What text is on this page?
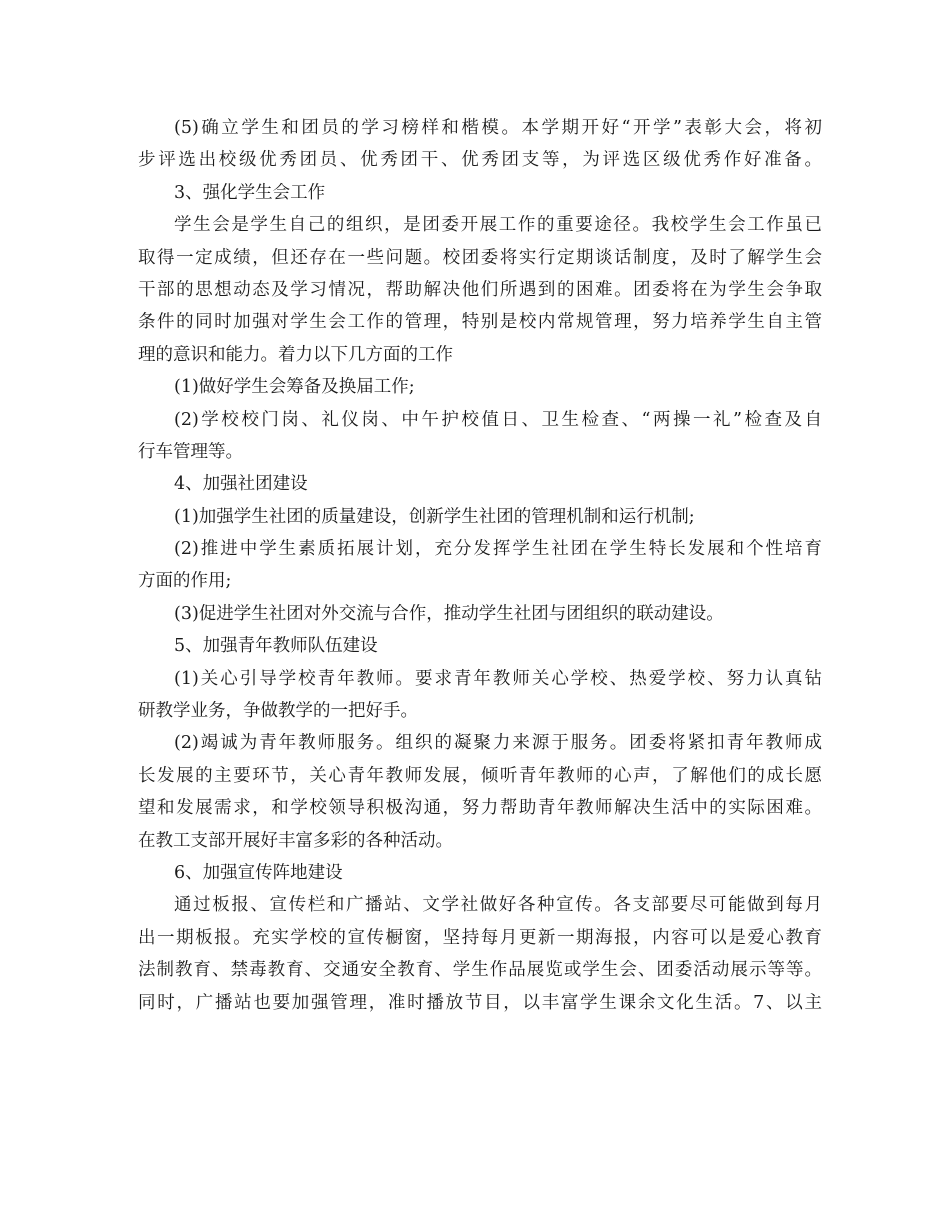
(5)确立学生和团员的学习榜样和楷模。本学期开好“开学”表彰大会，将初
步评选出校级优秀团员、优秀团干、优秀团支等，为评选区级优秀作好准备。
3、强化学生会工作
学生会是学生自己的组织，是团委开展工作的重要途径。我校学生会工作虽已
取得一定成绩，但还存在一些问题。校团委将实行定期谈话制度，及时了解学生会
干部的思想动态及学习情况，帮助解决他们所遇到的困难。团委将在为学生会争取
条件的同时加强对学生会工作的管理，特别是校内常规管理，努力培养学生自主管
理的意识和能力。着力以下几方面的工作
(1)做好学生会筹备及换届工作;
(2)学校校门岗、礼仪岗、中午护校值日、卫生检查、“两操一礼”检查及自
行车管理等。
4、加强社团建设
(1)加强学生社团的质量建设，创新学生社团的管理机制和运行机制;
(2)推进中学生素质拓展计划，充分发挥学生社团在学生特长发展和个性培育
方面的作用;
(3)促进学生社团对外交流与合作，推动学生社团与团组织的联动建设。
5、加强青年教师队伍建设
(1)关心引导学校青年教师。要求青年教师关心学校、热爱学校、努力认真钻
研教学业务，争做教学的一把好手。
(2)竭诚为青年教师服务。组织的凝聚力来源于服务。团委将紧扣青年教师成
长发展的主要环节，关心青年教师发展，倾听青年教师的心声，了解他们的成长愿
望和发展需求，和学校领导积极沟通，努力帮助青年教师解决生活中的实际困难。
在教工支部开展好丰富多彩的各种活动。
6、加强宣传阵地建设
通过板报、宣传栏和广播站、文学社做好各种宣传。各支部要尽可能做到每月
出一期板报。充实学校的宣传橱窗，坚持每月更新一期海报，内容可以是爱心教育
法制教育、禁毒教育、交通安全教育、学生作品展览或学生会、团委活动展示等等。
同时，广播站也要加强管理，准时播放节目，以丰富学生课余文化生活。7、以主
